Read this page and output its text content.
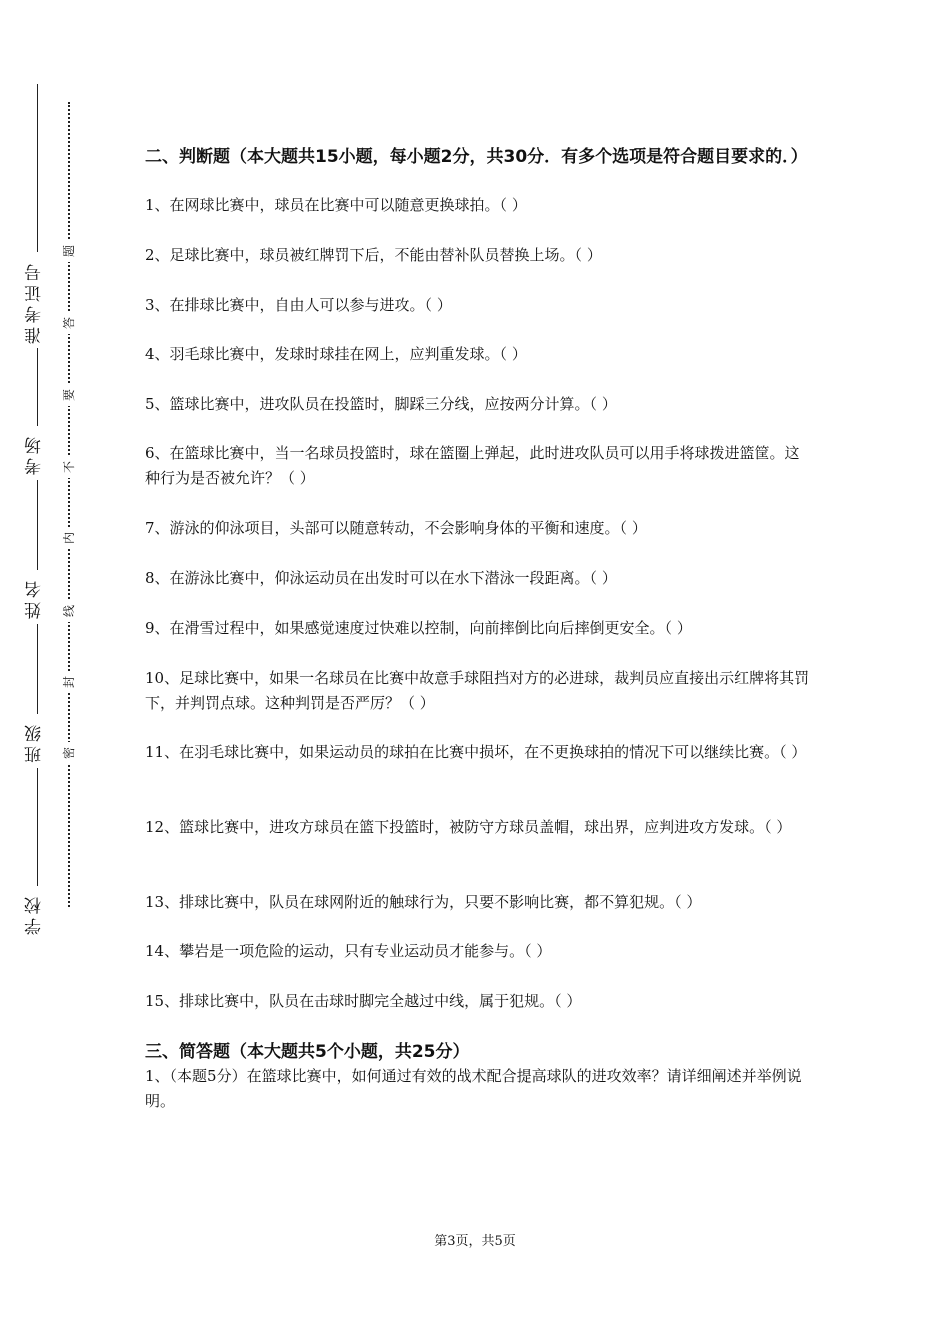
准考证号
考场
姓名
班级
学校
题
答
要
不
内
线
封
密
二、判断题（本大题共15小题，每小题2分，共30分．有多个选项是符合题目要求的．）
1、在网球比赛中，球员在比赛中可以随意更换球拍。（ ）
2、足球比赛中，球员被红牌罚下后，不能由替补队员替换上场。（ ）
3、在排球比赛中，自由人可以参与进攻。（ ）
4、羽毛球比赛中，发球时球挂在网上，应判重发球。（ ）
5、篮球比赛中，进攻队员在投篮时，脚踩三分线，应按两分计算。（ ）
6、在篮球比赛中，当一名球员投篮时，球在篮圈上弹起，此时进攻队员可以用手将球拨进篮筐。这种行为是否被允许？（ ）
7、游泳的仰泳项目，头部可以随意转动，不会影响身体的平衡和速度。（ ）
8、在游泳比赛中，仰泳运动员在出发时可以在水下潜泳一段距离。（ ）
9、在滑雪过程中，如果感觉速度过快难以控制，向前摔倒比向后摔倒更安全。（ ）
10、足球比赛中，如果一名球员在比赛中故意手球阻挡对方的必进球，裁判员应直接出示红牌将其罚下，并判罚点球。这种判罚是否严厉？（ ）
11、在羽毛球比赛中，如果运动员的球拍在比赛中损坏，在不更换球拍的情况下可以继续比赛。（ ）
12、篮球比赛中，进攻方球员在篮下投篮时，被防守方球员盖帽，球出界，应判进攻方发球。（ ）
13、排球比赛中，队员在球网附近的触球行为，只要不影响比赛，都不算犯规。（ ）
14、攀岩是一项危险的运动，只有专业运动员才能参与。（ ）
15、排球比赛中，队员在击球时脚完全越过中线，属于犯规。（ ）
三、简答题（本大题共5个小题，共25分）
1、（本题5分）在篮球比赛中，如何通过有效的战术配合提高球队的进攻效率？请详细阐述并举例说明。
第3页，共5页
